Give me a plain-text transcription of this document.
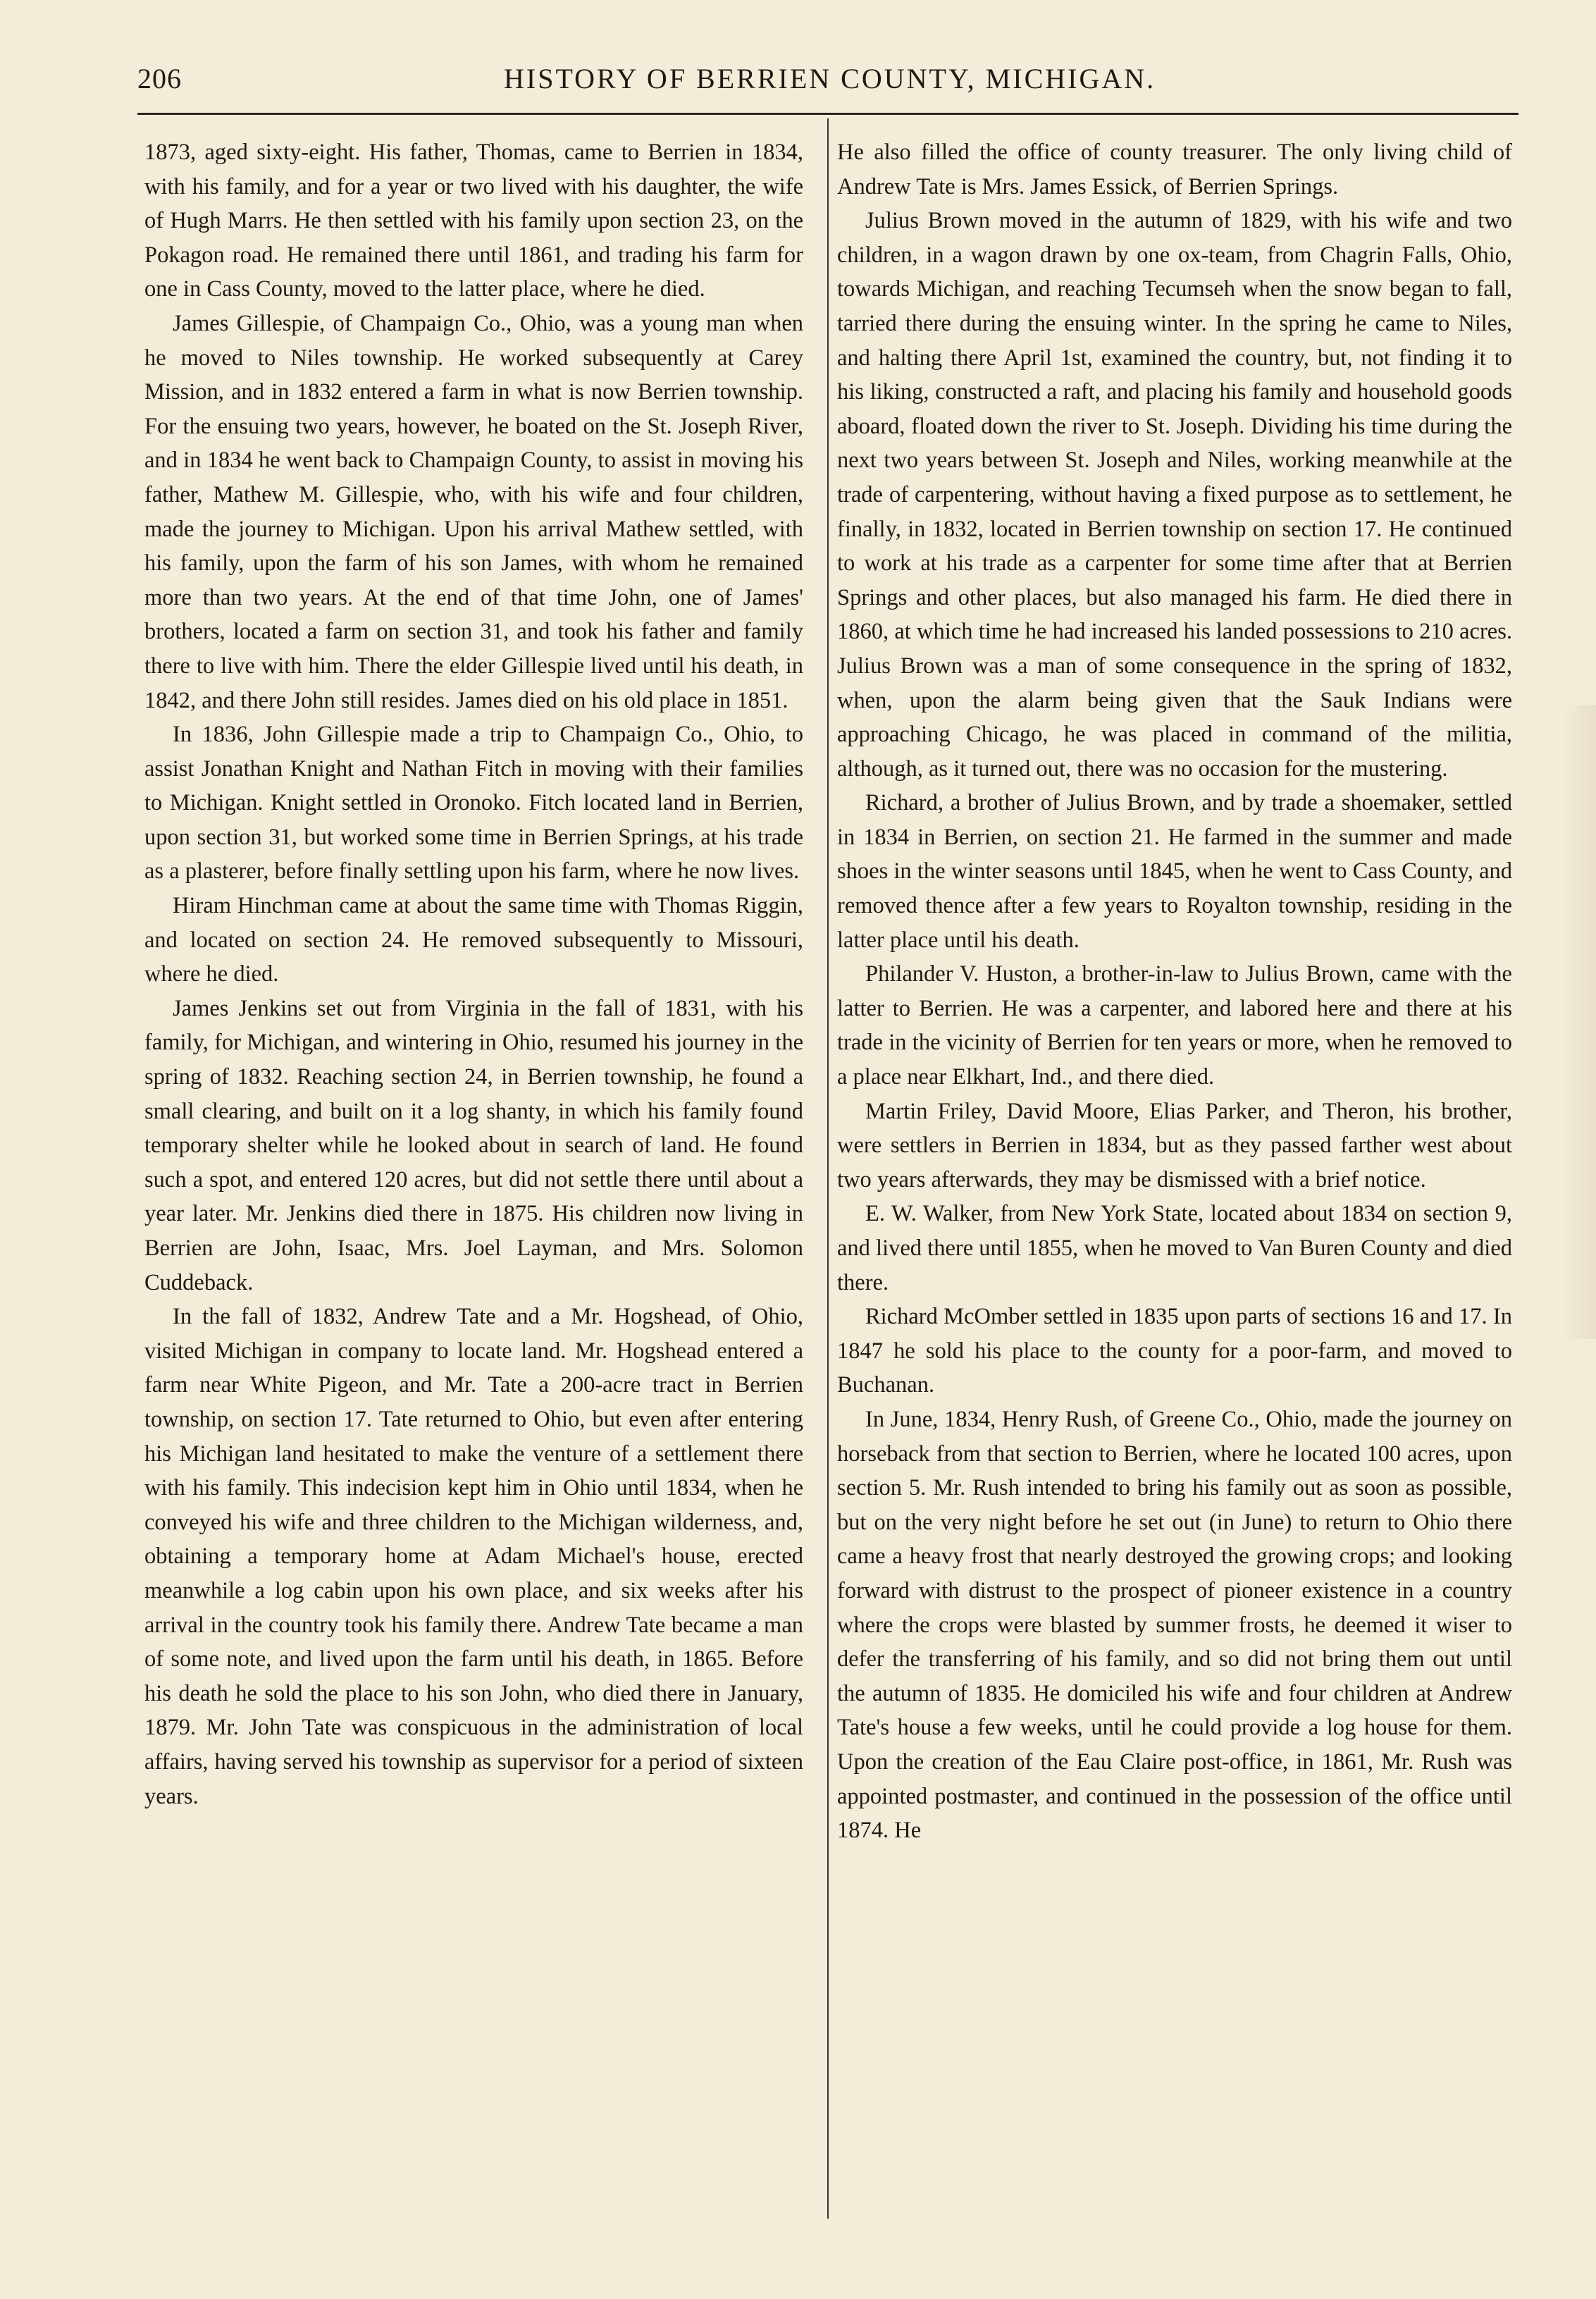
206	HISTORY OF BERRIEN COUNTY, MICHIGAN.

1873, aged sixty-eight. His father, Thomas, came to Berrien in 1834, with his family, and for a year or two lived with his daughter, the wife of Hugh Marrs. He then settled with his family upon section 23, on the Pokagon road. He remained there until 1861, and trading his farm for one in Cass County, moved to the latter place, where he died.

James Gillespie, of Champaign Co., Ohio, was a young man when he moved to Niles township. He worked subsequently at Carey Mission, and in 1832 entered a farm in what is now Berrien township. For the ensuing two years, however, he boated on the St. Joseph River, and in 1834 he went back to Champaign County, to assist in moving his father, Mathew M. Gillespie, who, with his wife and four children, made the journey to Michigan. Upon his arrival Mathew settled, with his family, upon the farm of his son James, with whom he remained more than two years. At the end of that time John, one of James' brothers, located a farm on section 31, and took his father and family there to live with him. There the elder Gillespie lived until his death, in 1842, and there John still resides. James died on his old place in 1851.

In 1836, John Gillespie made a trip to Champaign Co., Ohio, to assist Jonathan Knight and Nathan Fitch in moving with their families to Michigan. Knight settled in Oronoko. Fitch located land in Berrien, upon section 31, but worked some time in Berrien Springs, at his trade as a plasterer, before finally settling upon his farm, where he now lives.

Hiram Hinchman came at about the same time with Thomas Riggin, and located on section 24. He removed subsequently to Missouri, where he died.

James Jenkins set out from Virginia in the fall of 1831, with his family, for Michigan, and wintering in Ohio, resumed his journey in the spring of 1832. Reaching section 24, in Berrien township, he found a small clearing, and built on it a log shanty, in which his family found temporary shelter while he looked about in search of land. He found such a spot, and entered 120 acres, but did not settle there until about a year later. Mr. Jenkins died there in 1875. His children now living in Berrien are John, Isaac, Mrs. Joel Layman, and Mrs. Solomon Cuddeback.

In the fall of 1832, Andrew Tate and a Mr. Hogshead, of Ohio, visited Michigan in company to locate land. Mr. Hogshead entered a farm near White Pigeon, and Mr. Tate a 200-acre tract in Berrien township, on section 17. Tate returned to Ohio, but even after entering his Michigan land hesitated to make the venture of a settlement there with his family. This indecision kept him in Ohio until 1834, when he conveyed his wife and three children to the Michigan wilderness, and, obtaining a temporary home at Adam Michael's house, erected meanwhile a log cabin upon his own place, and six weeks after his arrival in the country took his family there. Andrew Tate became a man of some note, and lived upon the farm until his death, in 1865. Before his death he sold the place to his son John, who died there in January, 1879. Mr. John Tate was conspicuous in the administration of local affairs, having served his township as supervisor for a period of sixteen years.

He also filled the office of county treasurer. The only living child of Andrew Tate is Mrs. James Essick, of Berrien Springs.

Julius Brown moved in the autumn of 1829, with his wife and two children, in a wagon drawn by one ox-team, from Chagrin Falls, Ohio, towards Michigan, and reaching Tecumseh when the snow began to fall, tarried there during the ensuing winter. In the spring he came to Niles, and halting there April 1st, examined the country, but, not finding it to his liking, constructed a raft, and placing his family and household goods aboard, floated down the river to St. Joseph. Dividing his time during the next two years between St. Joseph and Niles, working meanwhile at the trade of carpentering, without having a fixed purpose as to settlement, he finally, in 1832, located in Berrien township on section 17. He continued to work at his trade as a carpenter for some time after that at Berrien Springs and other places, but also managed his farm. He died there in 1860, at which time he had increased his landed possessions to 210 acres. Julius Brown was a man of some consequence in the spring of 1832, when, upon the alarm being given that the Sauk Indians were approaching Chicago, he was placed in command of the militia, although, as it turned out, there was no occasion for the mustering.

Richard, a brother of Julius Brown, and by trade a shoemaker, settled in 1834 in Berrien, on section 21. He farmed in the summer and made shoes in the winter seasons until 1845, when he went to Cass County, and removed thence after a few years to Royalton township, residing in the latter place until his death.

Philander V. Huston, a brother-in-law to Julius Brown, came with the latter to Berrien. He was a carpenter, and labored here and there at his trade in the vicinity of Berrien for ten years or more, when he removed to a place near Elkhart, Ind., and there died.

Martin Friley, David Moore, Elias Parker, and Theron, his brother, were settlers in Berrien in 1834, but as they passed farther west about two years afterwards, they may be dismissed with a brief notice.

E. W. Walker, from New York State, located about 1834 on section 9, and lived there until 1855, when he moved to Van Buren County and died there.

Richard McOmber settled in 1835 upon parts of sections 16 and 17. In 1847 he sold his place to the county for a poor-farm, and moved to Buchanan.

In June, 1834, Henry Rush, of Greene Co., Ohio, made the journey on horseback from that section to Berrien, where he located 100 acres, upon section 5. Mr. Rush intended to bring his family out as soon as possible, but on the very night before he set out (in June) to return to Ohio there came a heavy frost that nearly destroyed the growing crops; and looking forward with distrust to the prospect of pioneer existence in a country where the crops were blasted by summer frosts, he deemed it wiser to defer the transferring of his family, and so did not bring them out until the autumn of 1835. He domiciled his wife and four children at Andrew Tate's house a few weeks, until he could provide a log house for them. Upon the creation of the Eau Claire post-office, in 1861, Mr. Rush was appointed postmaster, and continued in the possession of the office until 1874. He
